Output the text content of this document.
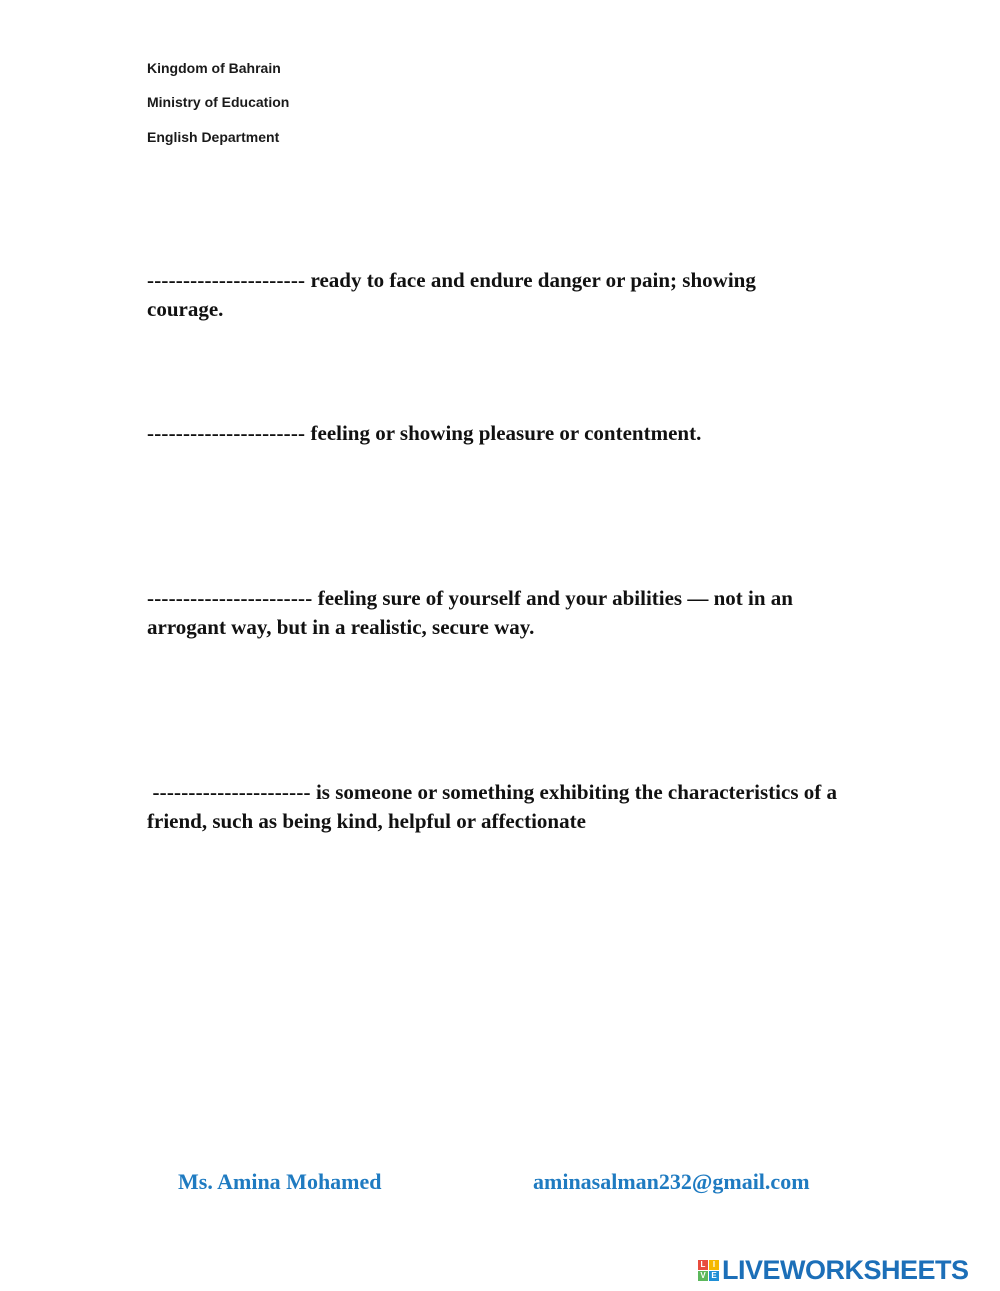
Kingdom of Bahrain
Ministry of Education
English Department
---------------------- ready to face and endure danger or pain; showing courage.
---------------------- feeling or showing pleasure or contentment.
----------------------- feeling sure of yourself and your abilities — not in an arrogant way, but in a realistic, secure way.
---------------------- is someone or something exhibiting the characteristics of a friend, such as being kind, helpful or affectionate
Ms. Amina Mohamed	aminasalman232@gmail.com
L I
V E LIVEWORKSHEETS
